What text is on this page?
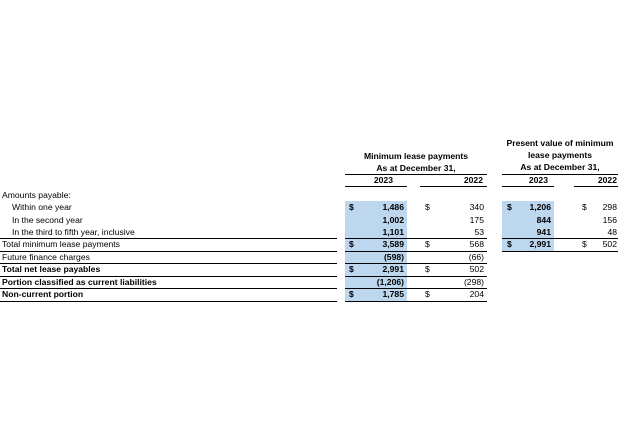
Minimum lease payments
As at December 31,
2023	2022
Present value of minimum
lease payments
As at December 31,
2023	2022
Amounts payable:
Within one year	$	1,486 $	340	$	1,206	$	298
In the second year	1,002	175	844	156
In the third to fifth year, inclusive	1,101	53	941	48
Total minimum lease payments	$	3,589 $	568	$	2,991	$	502
Future finance charges	(598)	(66)
Total net lease payables	$	2,991 $	502
Portion classified as current liabilities	(1,206)	(298)
Non-current portion	$	1,785 $	204
